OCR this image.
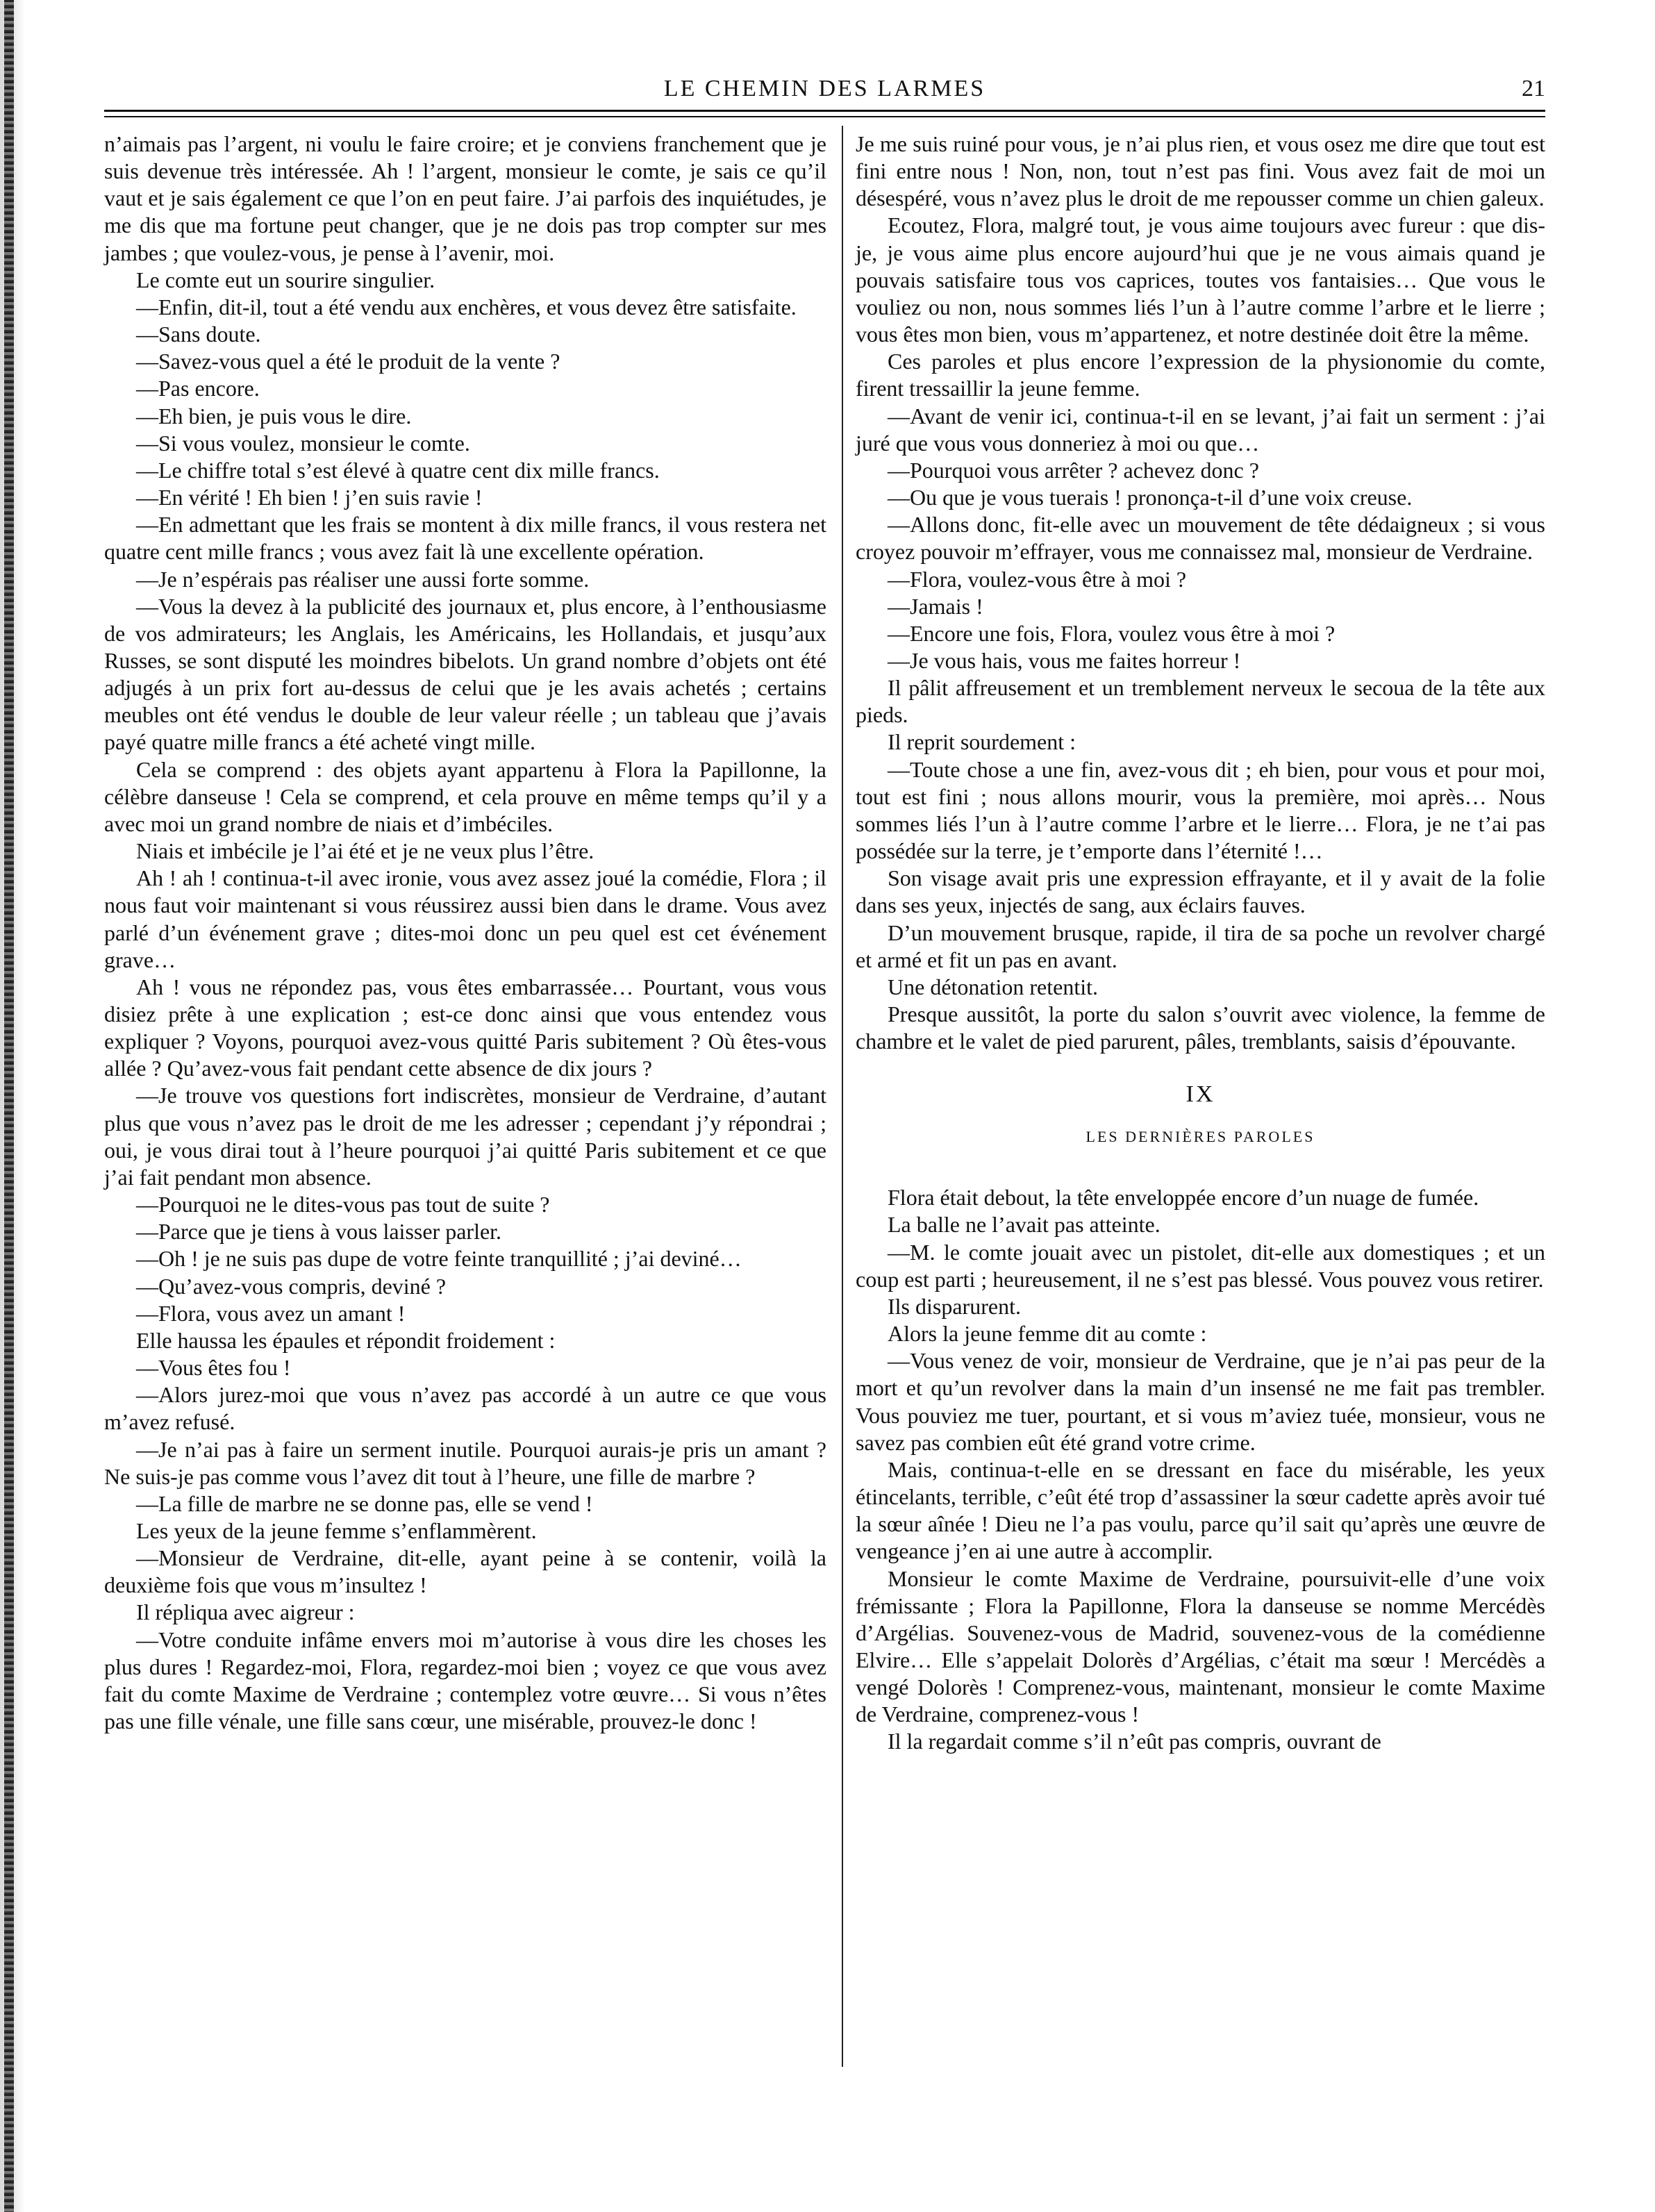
LE CHEMIN DES LARMES	21

n’aimais pas l’argent, ni voulu le faire croire; et je conviens franchement que je suis devenue très intéressée. Ah ! l’argent, monsieur le comte, je sais ce qu’il vaut et je sais également ce que l’on en peut faire. J’ai parfois des inquiétudes, je me dis que ma fortune peut changer, que je ne dois pas trop compter sur mes jambes ; que voulez-vous, je pense à l’avenir, moi.

Le comte eut un sourire singulier.

—Enfin, dit-il, tout a été vendu aux enchères, et vous devez être satisfaite.

—Sans doute.

—Savez-vous quel a été le produit de la vente ?

—Pas encore.

—Eh bien, je puis vous le dire.

—Si vous voulez, monsieur le comte.

—Le chiffre total s’est élevé à quatre cent dix mille francs.

—En vérité ! Eh bien ! j’en suis ravie !

—En admettant que les frais se montent à dix mille francs, il vous restera net quatre cent mille francs ; vous avez fait là une excellente opération.

—Je n’espérais pas réaliser une aussi forte somme.

—Vous la devez à la publicité des journaux et, plus encore, à l’enthousiasme de vos admirateurs; les Anglais, les Américains, les Hollandais, et jusqu’aux Russes, se sont disputé les moindres bibelots. Un grand nombre d’objets ont été adjugés à un prix fort au-dessus de celui que je les avais achetés ; certains meubles ont été vendus le double de leur valeur réelle ; un tableau que j’avais payé quatre mille francs a été acheté vingt mille.

Cela se comprend : des objets ayant appartenu à Flora la Papillonne, la célèbre danseuse ! Cela se comprend, et cela prouve en même temps qu’il y a avec moi un grand nombre de niais et d’imbéciles.

Niais et imbécile je l’ai été et je ne veux plus l’être.

Ah ! ah ! continua-t-il avec ironie, vous avez assez joué la comédie, Flora ; il nous faut voir maintenant si vous réussirez aussi bien dans le drame. Vous avez parlé d’un événement grave ; dites-moi donc un peu quel est cet événement grave…

Ah ! vous ne répondez pas, vous êtes embarrassée… Pourtant, vous vous disiez prête à une explication ; est-ce donc ainsi que vous entendez vous expliquer ? Voyons, pourquoi avez-vous quitté Paris subitement ? Où êtes-vous allée ? Qu’avez-vous fait pendant cette absence de dix jours ?

—Je trouve vos questions fort indiscrètes, monsieur de Verdraine, d’autant plus que vous n’avez pas le droit de me les adresser ; cependant j’y répondrai ; oui, je vous dirai tout à l’heure pourquoi j’ai quitté Paris subitement et ce que j’ai fait pendant mon absence.

—Pourquoi ne le dites-vous pas tout de suite ?

—Parce que je tiens à vous laisser parler.

—Oh ! je ne suis pas dupe de votre feinte tranquillité ; j’ai deviné…

—Qu’avez-vous compris, deviné ?

—Flora, vous avez un amant !

Elle haussa les épaules et répondit froidement :

—Vous êtes fou !

—Alors jurez-moi que vous n’avez pas accordé à un autre ce que vous m’avez refusé.

—Je n’ai pas à faire un serment inutile. Pourquoi aurais-je pris un amant ? Ne suis-je pas comme vous l’avez dit tout à l’heure, une fille de marbre ?

—La fille de marbre ne se donne pas, elle se vend !

Les yeux de la jeune femme s’enflammèrent.

—Monsieur de Verdraine, dit-elle, ayant peine à se contenir, voilà la deuxième fois que vous m’insultez !

Il répliqua avec aigreur :

—Votre conduite infâme envers moi m’autorise à vous dire les choses les plus dures ! Regardez-moi, Flora, regardez-moi bien ; voyez ce que vous avez fait du comte Maxime de Verdraine ; contemplez votre œuvre… Si vous n’êtes pas une fille vénale, une fille sans cœur, une misérable, prouvez-le donc !

Je me suis ruiné pour vous, je n’ai plus rien, et vous osez me dire que tout est fini entre nous ! Non, non, tout n’est pas fini. Vous avez fait de moi un désespéré, vous n’avez plus le droit de me repousser comme un chien galeux.

Ecoutez, Flora, malgré tout, je vous aime toujours avec fureur : que dis-je, je vous aime plus encore aujourd’hui que je ne vous aimais quand je pouvais satisfaire tous vos caprices, toutes vos fantaisies… Que vous le vouliez ou non, nous sommes liés l’un à l’autre comme l’arbre et le lierre ; vous êtes mon bien, vous m’appartenez, et notre destinée doit être la même.

Ces paroles et plus encore l’expression de la physionomie du comte, firent tressaillir la jeune femme.

—Avant de venir ici, continua-t-il en se levant, j’ai fait un serment : j’ai juré que vous vous donneriez à moi ou que…

—Pourquoi vous arrêter ? achevez donc ?

—Ou que je vous tuerais ! prononça-t-il d’une voix creuse.

—Allons donc, fit-elle avec un mouvement de tête dédaigneux ; si vous croyez pouvoir m’effrayer, vous me connaissez mal, monsieur de Verdraine.

—Flora, voulez-vous être à moi ?

—Jamais !

—Encore une fois, Flora, voulez vous être à moi ?

—Je vous hais, vous me faites horreur !

Il pâlit affreusement et un tremblement nerveux le secoua de la tête aux pieds.

Il reprit sourdement :

—Toute chose a une fin, avez-vous dit ; eh bien, pour vous et pour moi, tout est fini ; nous allons mourir, vous la première, moi après… Nous sommes liés l’un à l’autre comme l’arbre et le lierre… Flora, je ne t’ai pas possédée sur la terre, je t’emporte dans l’éternité !…

Son visage avait pris une expression effrayante, et il y avait de la folie dans ses yeux, injectés de sang, aux éclairs fauves.

D’un mouvement brusque, rapide, il tira de sa poche un revolver chargé et armé et fit un pas en avant.

Une détonation retentit.

Presque aussitôt, la porte du salon s’ouvrit avec violence, la femme de chambre et le valet de pied parurent, pâles, tremblants, saisis d’épouvante.

IX
LES DERNIÈRES PAROLES

Flora était debout, la tête enveloppée encore d’un nuage de fumée.

La balle ne l’avait pas atteinte.

—M. le comte jouait avec un pistolet, dit-elle aux domestiques ; et un coup est parti ; heureusement, il ne s’est pas blessé. Vous pouvez vous retirer.

Ils disparurent.

Alors la jeune femme dit au comte :

—Vous venez de voir, monsieur de Verdraine, que je n’ai pas peur de la mort et qu’un revolver dans la main d’un insensé ne me fait pas trembler. Vous pouviez me tuer, pourtant, et si vous m’aviez tuée, monsieur, vous ne savez pas combien eût été grand votre crime.

Mais, continua-t-elle en se dressant en face du misérable, les yeux étincelants, terrible, c’eût été trop d’assassiner la sœur cadette après avoir tué la sœur aînée ! Dieu ne l’a pas voulu, parce qu’il sait qu’après une œuvre de vengeance j’en ai une autre à accomplir.

Monsieur le comte Maxime de Verdraine, poursuivit-elle d’une voix frémissante ; Flora la Papillonne, Flora la danseuse se nomme Mercédès d’Argélias. Souvenez-vous de Madrid, souvenez-vous de la comédienne Elvire… Elle s’appelait Dolorès d’Argélias, c’était ma sœur ! Mercédès a vengé Dolorès ! Comprenez-vous, maintenant, monsieur le comte Maxime de Verdraine, comprenez-vous !

Il la regardait comme s’il n’eût pas compris, ouvrant de
